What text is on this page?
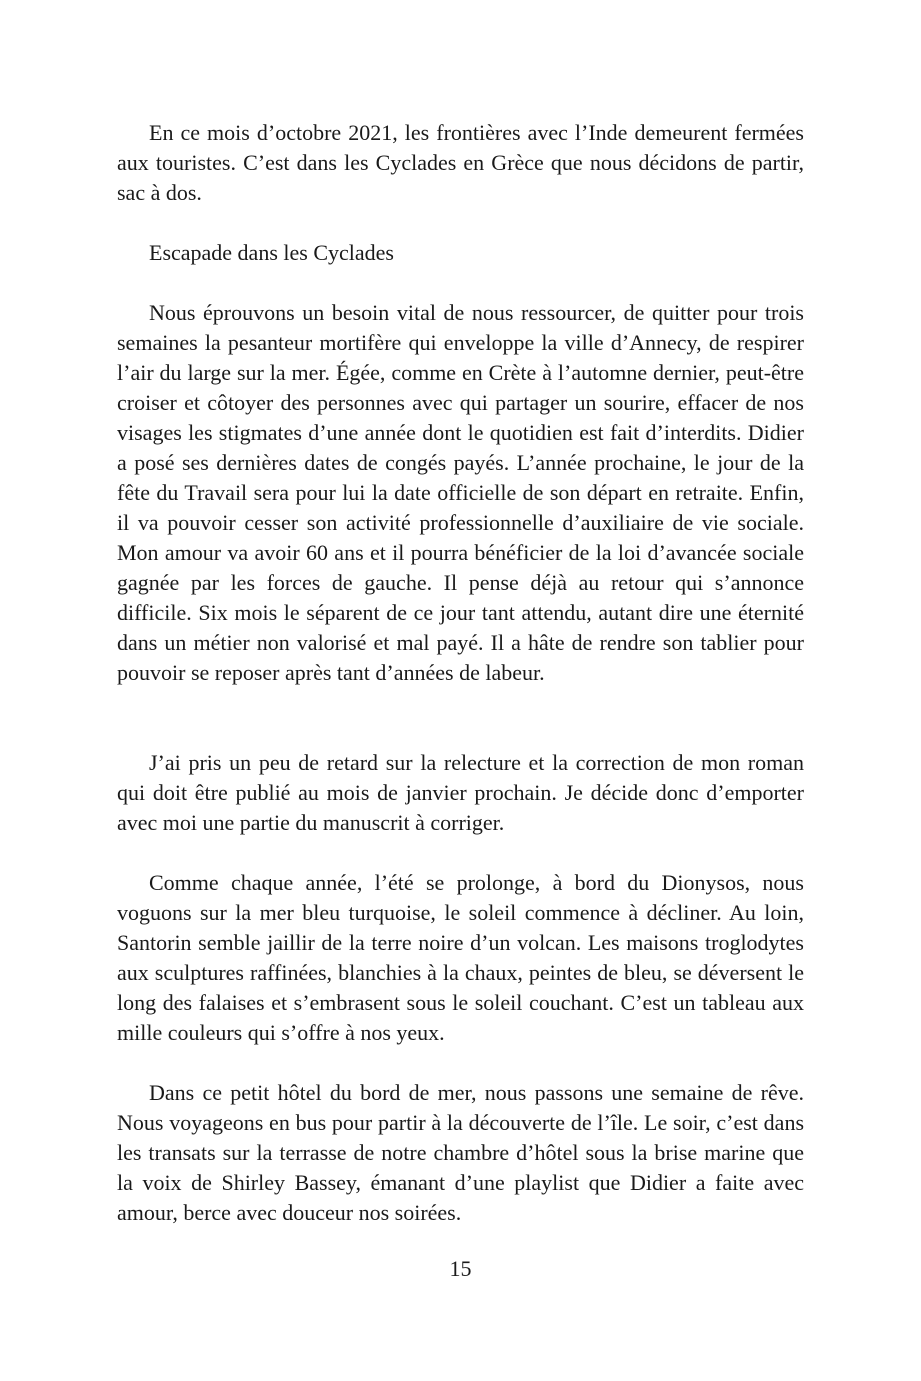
En ce mois d’octobre 2021, les frontières avec l’Inde demeurent fermées aux touristes. C’est dans les Cyclades en Grèce que nous décidons de partir, sac à dos.

Escapade dans les Cyclades

Nous éprouvons un besoin vital de nous ressourcer, de quitter pour trois semaines la pesanteur mortifère qui enveloppe la ville d’Annecy, de respirer l’air du large sur la mer. Égée, comme en Crète à l’automne dernier, peut-être croiser et côtoyer des personnes avec qui partager un sourire, effacer de nos visages les stigmates d’une année dont le quotidien est fait d’interdits. Didier a posé ses dernières dates de congés payés. L’année prochaine, le jour de la fête du Travail sera pour lui la date officielle de son départ en retraite. Enfin, il va pouvoir cesser son activité professionnelle d’auxiliaire de vie sociale. Mon amour va avoir 60 ans et il pourra bénéficier de la loi d’avancée sociale gagnée par les forces de gauche. Il pense déjà au retour qui s’annonce difficile. Six mois le séparent de ce jour tant attendu, autant dire une éternité dans un métier non valorisé et mal payé. Il a hâte de rendre son tablier pour pouvoir se reposer après tant d’années de labeur.

J’ai pris un peu de retard sur la relecture et la correction de mon roman qui doit être publié au mois de janvier prochain. Je décide donc d’emporter avec moi une partie du manuscrit à corriger.

Comme chaque année, l’été se prolonge, à bord du Dionysos, nous voguons sur la mer bleu turquoise, le soleil commence à décliner. Au loin, Santorin semble jaillir de la terre noire d’un volcan. Les maisons troglodytes aux sculptures raffinées, blanchies à la chaux, peintes de bleu, se déversent le long des falaises et s’embrasent sous le soleil couchant. C’est un tableau aux mille couleurs qui s’offre à nos yeux.

Dans ce petit hôtel du bord de mer, nous passons une semaine de rêve. Nous voyageons en bus pour partir à la découverte de l’île. Le soir, c’est dans les transats sur la terrasse de notre chambre d’hôtel sous la brise marine que la voix de Shirley Bassey, émanant d’une playlist que Didier a faite avec amour, berce avec douceur nos soirées.

15
